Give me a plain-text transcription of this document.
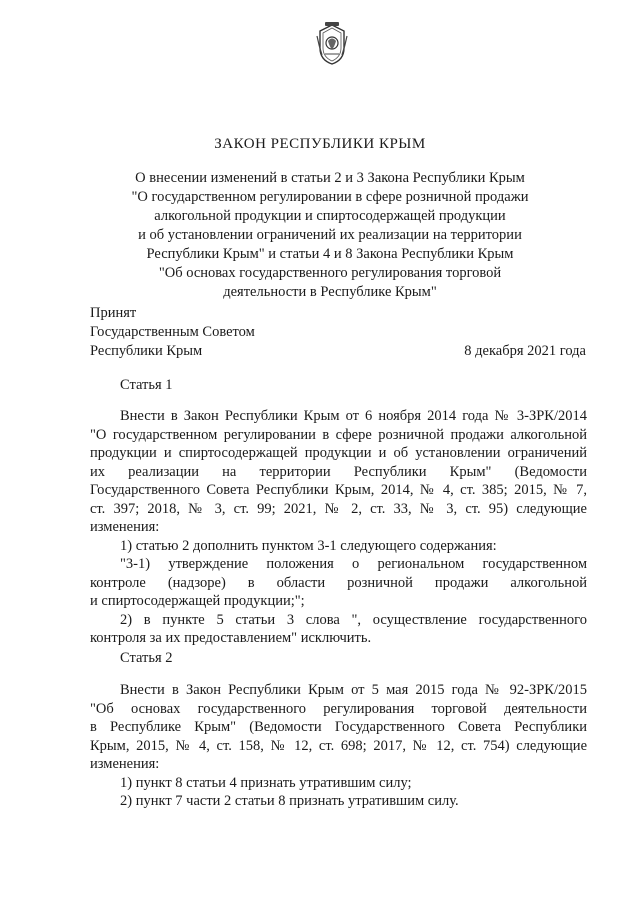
ЗАКОН РЕСПУБЛИКИ КРЫМ
О внесении изменений в статьи 2 и 3 Закона Республики Крым
"О государственном регулировании в сфере розничной продажи
алкогольной продукции и спиртосодержащей продукции
и об установлении ограничений их реализации на территории
Республики Крым" и статьи 4 и 8 Закона Республики Крым
"Об основах государственного регулирования торговой
деятельности в Республике Крым"
Принят
Государственным Советом
Республики Крым	8 декабря 2021 года
Статья 1
Внести в Закон Республики Крым от 6 ноября 2014 года № 3-ЗРК/2014
"О государственном регулировании в сфере розничной продажи алкогольной
продукции и спиртосодержащей продукции и об установлении ограничений
их реализации на территории Республики Крым" (Ведомости
Государственного Совета Республики Крым, 2014, № 4, ст. 385; 2015, № 7,
ст. 397; 2018, № 3, ст. 99; 2021, № 2, ст. 33, № 3, ст. 95) следующие
изменения:
1) статью 2 дополнить пунктом 3-1 следующего содержания:
"3-1) утверждение положения о региональном государственном
контроле (надзоре) в области розничной продажи алкогольной
и спиртосодержащей продукции;";
2) в пункте 5 статьи 3 слова ", осуществление государственного
контроля за их предоставлением" исключить.
Статья 2
Внести в Закон Республики Крым от 5 мая 2015 года № 92-ЗРК/2015
"Об основах государственного регулирования торговой деятельности
в Республике Крым" (Ведомости Государственного Совета Республики
Крым, 2015, № 4, ст. 158, № 12, ст. 698; 2017, № 12, ст. 754) следующие
изменения:
1) пункт 8 статьи 4 признать утратившим силу;
2) пункт 7 части 2 статьи 8 признать утратившим силу.
